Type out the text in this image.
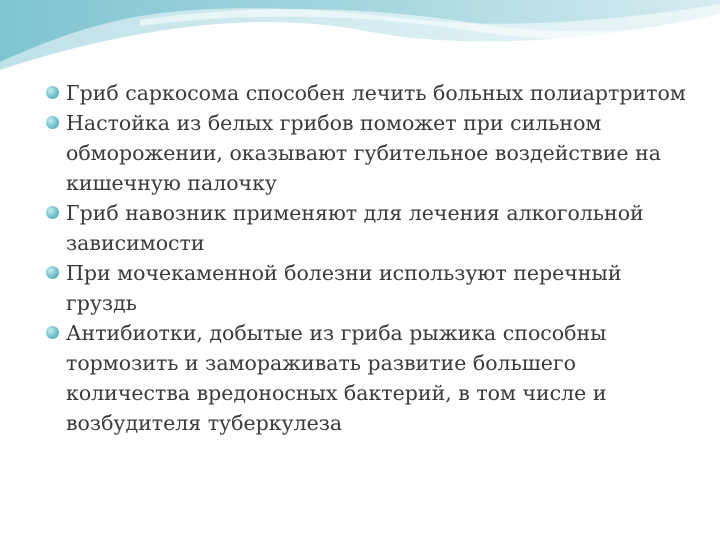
Гриб саркосома способен лечить больных полиартритом
Настойка из белых грибов поможет при сильном обморожении, оказывают губительное воздействие на кишечную палочку
Гриб навозник применяют для лечения алкогольной зависимости
При мочекаменной болезни используют перечный груздь
Антибиотки, добытые из гриба рыжика способны тормозить и замораживать развитие большего количества вредоносных бактерий, в том числе и возбудителя туберкулеза
